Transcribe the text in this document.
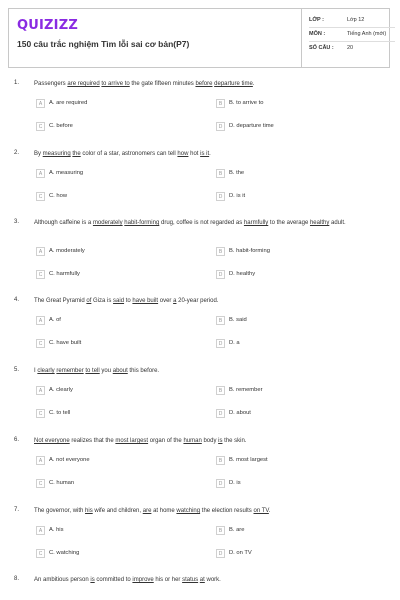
QUIZIZZ
150 câu trắc nghiệm Tìm lỗi sai cơ bản(P7)
LỚP :	Lớp 12
MÔN :	Tiếng Anh (mới)
SỐ CÂU : 20
1. Passengers are required to arrive to the gate fifteen minutes before departure time.
A	A. are required	B	B. to arrive to
C	C. before	D	D. departure time
2. By measuring the color of a star, astronomers can tell how hot is it.
A	A. measuring	B	B. the
C	C. how	D	D. is it
3. Although caffeine is a moderately habit-forming drug, coffee is not regarded as harmfully to the average healthy adult.
A	A. moderately	B	B. habit-forming
C	C. harmfully	D	D. healthy
4. The Great Pyramid of Giza is said to have built over a 20-year period.
A	A. of	B	B. said
C	C. have built	D	D. a
5. I clearly remember to tell you about this before.
A	A. clearly	B	B. remember
C	C. to tell	D	D. about
6. Not everyone realizes that the most largest organ of the human body is the skin.
A	A. not everyone	B	B. most largest
C	C. human	D	D. is
7. The governor, with his wife and children, are at home watching the election results on TV.
A	A. his	B	B. are
C	C. watching	D	D. on TV
8. An ambitious person is committed to improve his or her status at work.
